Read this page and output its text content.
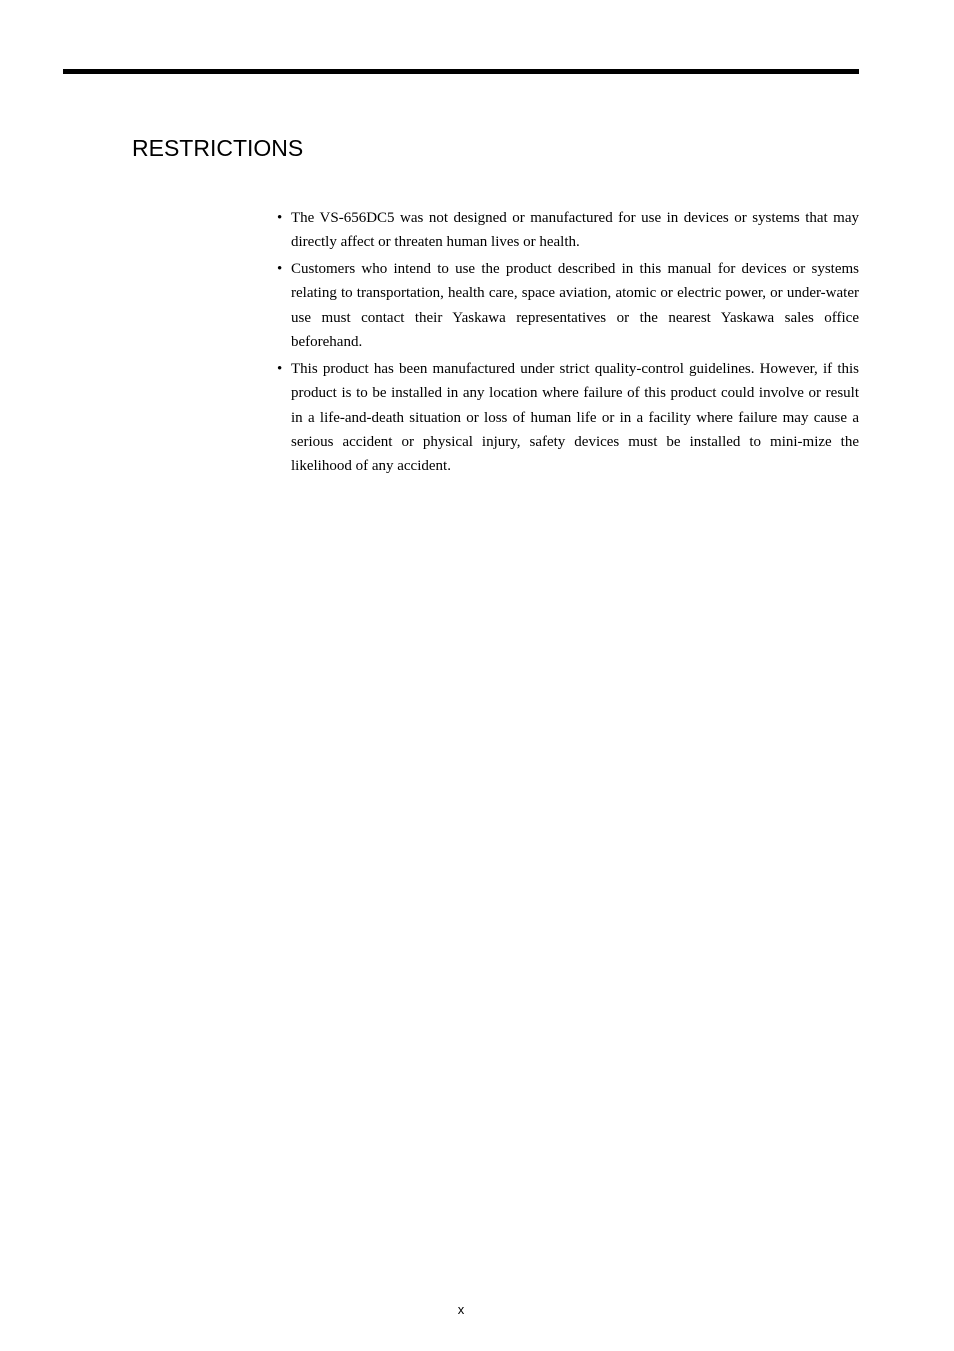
RESTRICTIONS
• The VS-656DC5 was not designed or manufactured for use in devices or systems that may directly affect or threaten human lives or health.
• Customers who intend to use the product described in this manual for devices or systems relating to transportation, health care, space aviation, atomic or electric power, or under-water use must contact their Yaskawa representatives or the nearest Yaskawa sales office beforehand.
• This product has been manufactured under strict quality-control guidelines. However, if this product is to be installed in any location where failure of this product could involve or result in a life-and-death situation or loss of human life or in a facility where failure may cause a serious accident or physical injury, safety devices must be installed to mini-mize the likelihood of any accident.
x
